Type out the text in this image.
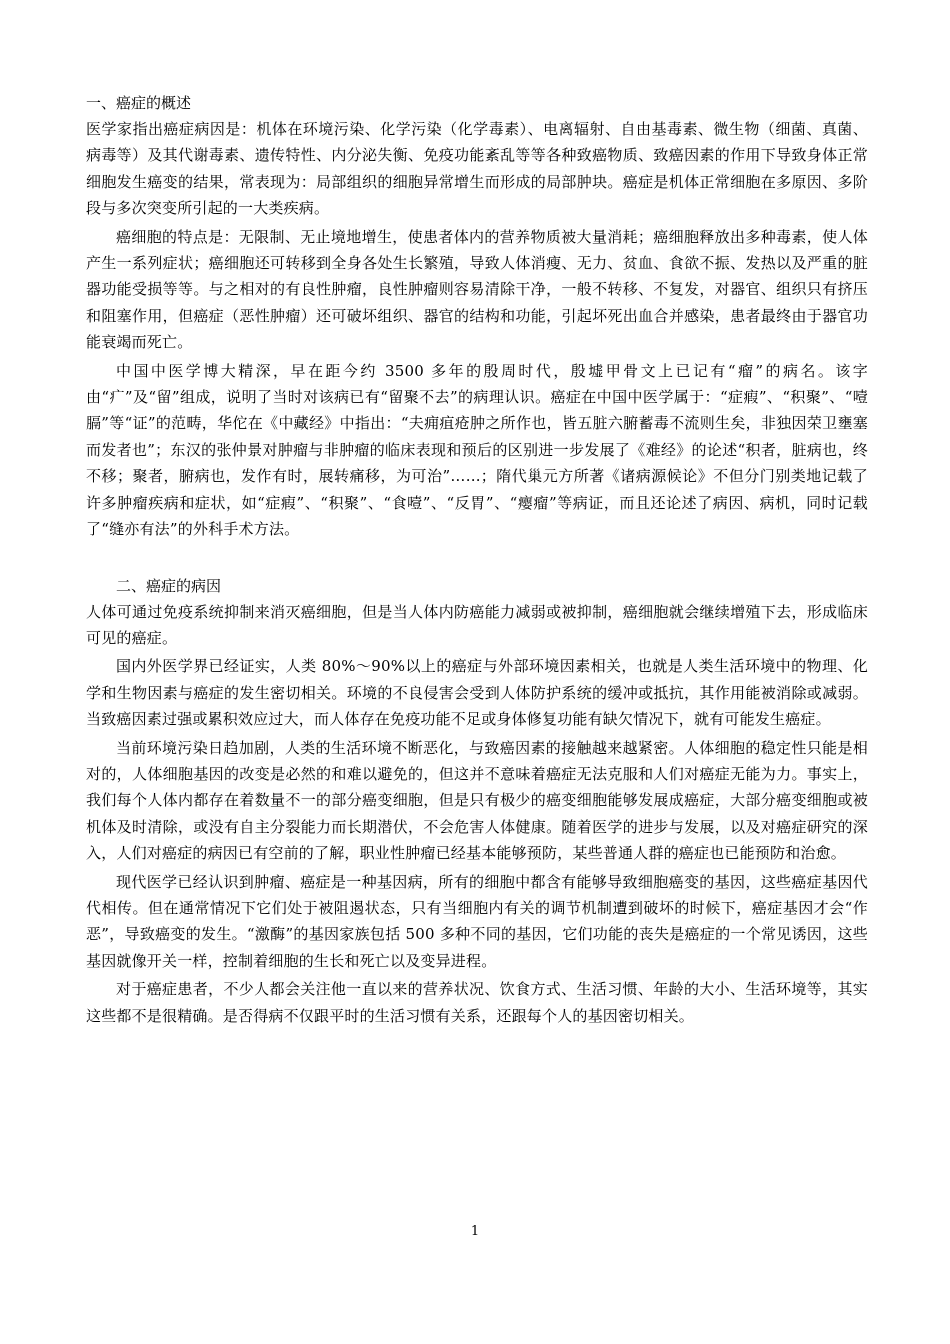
一、癌症的概述

医学家指出癌症病因是：机体在环境污染、化学污染（化学毒素）、电离辐射、自由基毒素、微生物（细菌、真菌、病毒等）及其代谢毒素、遗传特性、内分泌失衡、免疫功能紊乱等等各种致癌物质、致癌因素的作用下导致身体正常细胞发生癌变的结果，常表现为：局部组织的细胞异常增生而形成的局部肿块。癌症是机体正常细胞在多原因、多阶段与多次突变所引起的一大类疾病。

癌细胞的特点是：无限制、无止境地增生，使患者体内的营养物质被大量消耗；癌细胞释放出多种毒素，使人体产生一系列症状；癌细胞还可转移到全身各处生长繁殖，导致人体消瘦、无力、贫血、食欲不振、发热以及严重的脏器功能受损等等。与之相对的有良性肿瘤，良性肿瘤则容易清除干净，一般不转移、不复发，对器官、组织只有挤压和阻塞作用，但癌症（恶性肿瘤）还可破坏组织、器官的结构和功能，引起坏死出血合并感染，患者最终由于器官功能衰竭而死亡。

中国中医学博大精深，早在距今约 3500 多年的殷周时代，殷墟甲骨文上已记有“瘤”的病名。该字由“疒”及“留”组成，说明了当时对该病已有“留聚不去”的病理认识。癌症在中国中医学属于：“症瘕”、“积聚”、“噎膈”等“证”的范畴，华佗在《中藏经》中指出：“夫痈疽疮肿之所作也，皆五脏六腑蓄毒不流则生矣，非独因荣卫壅塞而发者也”；东汉的张仲景对肿瘤与非肿瘤的临床表现和预后的区别进一步发展了《难经》的论述“积者，脏病也，终不移；聚者，腑病也，发作有时，展转痛移，为可治”……；隋代巢元方所著《诸病源候论》不但分门别类地记载了许多肿瘤疾病和症状，如“症瘕”、“积聚”、“食噎”、“反胃”、“瘿瘤”等病证，而且还论述了病因、病机，同时记载了“缝亦有法”的外科手术方法。

二、癌症的病因

人体可通过免疫系统抑制来消灭癌细胞，但是当人体内防癌能力减弱或被抑制，癌细胞就会继续增殖下去，形成临床可见的癌症。

国内外医学界已经证实，人类 80%～90%以上的癌症与外部环境因素相关，也就是人类生活环境中的物理、化学和生物因素与癌症的发生密切相关。环境的不良侵害会受到人体防护系统的缓冲或抵抗，其作用能被消除或减弱。当致癌因素过强或累积效应过大，而人体存在免疫功能不足或身体修复功能有缺欠情况下，就有可能发生癌症。

当前环境污染日趋加剧，人类的生活环境不断恶化，与致癌因素的接触越来越紧密。人体细胞的稳定性只能是相对的，人体细胞基因的改变是必然的和难以避免的，但这并不意味着癌症无法克服和人们对癌症无能为力。事实上，我们每个人体内都存在着数量不一的部分癌变细胞，但是只有极少的癌变细胞能够发展成癌症，大部分癌变细胞或被机体及时清除，或没有自主分裂能力而长期潜伏，不会危害人体健康。随着医学的进步与发展，以及对癌症研究的深入，人们对癌症的病因已有空前的了解，职业性肿瘤已经基本能够预防，某些普通人群的癌症也已能预防和治愈。

现代医学已经认识到肿瘤、癌症是一种基因病，所有的细胞中都含有能够导致细胞癌变的基因，这些癌症基因代代相传。但在通常情况下它们处于被阻遏状态，只有当细胞内有关的调节机制遭到破坏的时候下，癌症基因才会“作恶”，导致癌变的发生。“激酶”的基因家族包括 500 多种不同的基因，它们功能的丧失是癌症的一个常见诱因，这些基因就像开关一样，控制着细胞的生长和死亡以及变异进程。

对于癌症患者，不少人都会关注他一直以来的营养状况、饮食方式、生活习惯、年龄的大小、生活环境等，其实这些都不是很精确。是否得病不仅跟平时的生活习惯有关系，还跟每个人的基因密切相关。

1
